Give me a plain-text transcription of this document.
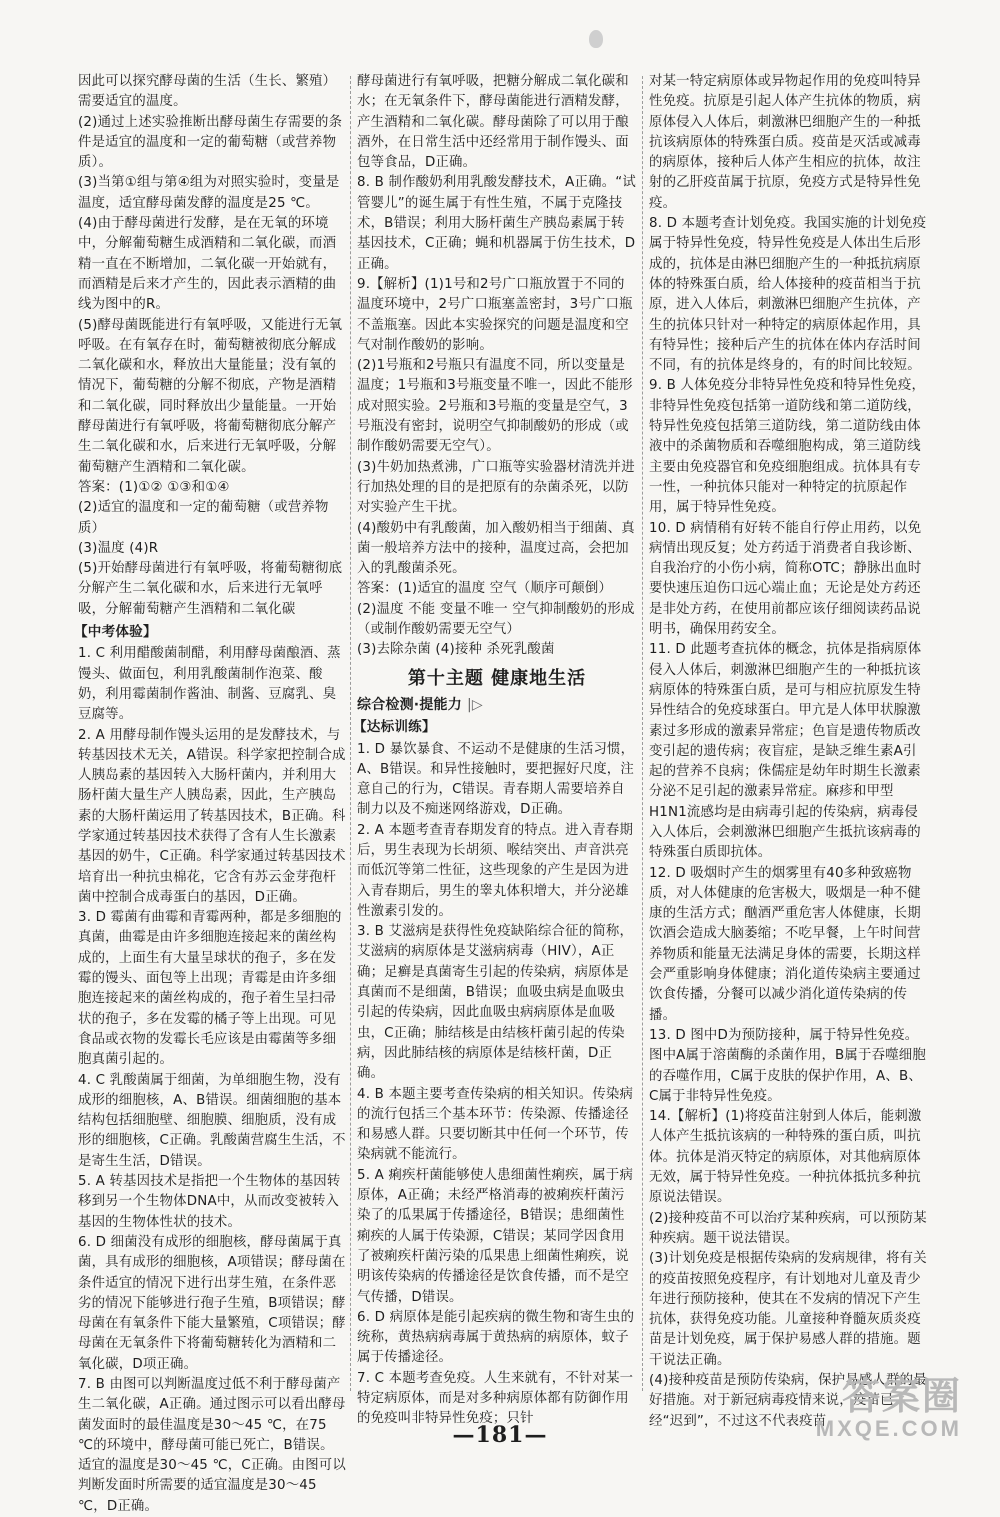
因此可以探究酵母菌的生活（生长、繁殖）需要适宜的温度。

(2)通过上述实验推断出酵母菌生存需要的条件是适宜的温度和一定的葡萄糖（或营养物质）。

(3)当第①组与第④组为对照实验时，变量是温度，适宜酵母菌发酵的温度是25 ℃。

(4)由于酵母菌进行发酵，是在无氧的环境中，分解葡萄糖生成酒精和二氧化碳，而酒精一直在不断增加，二氧化碳一开始就有，而酒精是后来才产生的，因此表示酒精的曲线为图中的R。

(5)酵母菌既能进行有氧呼吸，又能进行无氧呼吸。在有氧存在时，葡萄糖被彻底分解成二氧化碳和水，释放出大量能量；没有氧的情况下，葡萄糖的分解不彻底，产物是酒精和二氧化碳，同时释放出少量能量。一开始酵母菌进行有氧呼吸，将葡萄糖彻底分解产生二氧化碳和水，后来进行无氧呼吸，分解葡萄糖产生酒精和二氧化碳。

答案：(1)①② ①③和①④

(2)适宜的温度和一定的葡萄糖（或营养物质）

(3)温度 (4)R

(5)开始酵母菌进行有氧呼吸，将葡萄糖彻底分解产生二氧化碳和水，后来进行无氧呼吸，分解葡萄糖产生酒精和二氧化碳

【中考体验】

1. C 利用醋酸菌制醋，利用酵母菌酿酒、蒸馒头、做面包，利用乳酸菌制作泡菜、酸奶，利用霉菌制作酱油、制酱、豆腐乳、臭豆腐等。

2. A 用酵母制作馒头运用的是发酵技术，与转基因技术无关，A错误。科学家把控制合成人胰岛素的基因转入大肠杆菌内，并利用大肠杆菌大量生产人胰岛素，因此，生产胰岛素的大肠杆菌运用了转基因技术，B正确。科学家通过转基因技术获得了含有人生长激素基因的奶牛，C正确。科学家通过转基因技术培育出一种抗虫棉花，它含有苏云金芽孢杆菌中控制合成毒蛋白的基因，D正确。

3. D 霉菌有曲霉和青霉两种，都是多细胞的真菌，曲霉是由许多细胞连接起来的菌丝构成的，上面生有大量呈球状的孢子，多在发霉的馒头、面包等上出现；青霉是由许多细胞连接起来的菌丝构成的，孢子着生呈扫帚状的孢子，多在发霉的橘子等上出现。可见食品或衣物的发霉长毛应该是由霉菌等多细胞真菌引起的。

4. C 乳酸菌属于细菌，为单细胞生物，没有成形的细胞核，A、B错误。细菌细胞的基本结构包括细胞壁、细胞膜、细胞质，没有成形的细胞核，C正确。乳酸菌营腐生生活，不是寄生生活，D错误。

5. A 转基因技术是指把一个生物体的基因转移到另一个生物体DNA中，从而改变被转入基因的生物体性状的技术。

6. D 细菌没有成形的细胞核，酵母菌属于真菌，具有成形的细胞核，A项错误；酵母菌在条件适宜的情况下进行出芽生殖，在条件恶劣的情况下能够进行孢子生殖，B项错误；酵母菌在有氧条件下能大量繁殖，C项错误；酵母菌在无氧条件下将葡萄糖转化为酒精和二氧化碳，D项正确。

7. B 由图可以判断温度过低不利于酵母菌产生二氧化碳，A正确。通过图示可以看出酵母菌发面时的最佳温度是30～45 ℃，在75 ℃的环境中，酵母菌可能已死亡，B错误。适宜的温度是30～45 ℃，C正确。由图可以判断发面时所需要的适宜温度是30～45 ℃，D正确。

酵母菌进行有氧呼吸，把糖分解成二氧化碳和水；在无氧条件下，酵母菌能进行酒精发酵，产生酒精和二氧化碳。酵母菌除了可以用于酿酒外，在日常生活中还经常用于制作馒头、面包等食品，D正确。

8. B 制作酸奶利用乳酸发酵技术，A正确。“试管婴儿”的诞生属于有性生殖，不属于克隆技术，B错误；利用大肠杆菌生产胰岛素属于转基因技术，C正确；蝇和机器属于仿生技术，D正确。

9.【解析】(1)1号和2号广口瓶放置于不同的温度环境中，2号广口瓶塞盖密封，3号广口瓶不盖瓶塞。因此本实验探究的问题是温度和空气对制作酸奶的影响。

(2)1号瓶和2号瓶只有温度不同，所以变量是温度；1号瓶和3号瓶变量不唯一，因此不能形成对照实验。2号瓶和3号瓶的变量是空气，3号瓶没有密封，说明空气抑制酸奶的形成（或制作酸奶需要无空气）。

(3)牛奶加热煮沸，广口瓶等实验器材清洗并进行加热处理的目的是把原有的杂菌杀死，以防对实验产生干扰。

(4)酸奶中有乳酸菌，加入酸奶相当于细菌、真菌一般培养方法中的接种，温度过高，会把加入的乳酸菌杀死。

答案：(1)适宜的温度 空气（顺序可颠倒）

(2)温度 不能 变量不唯一 空气抑制酸奶的形成（或制作酸奶需要无空气）

(3)去除杂菌 (4)接种 杀死乳酸菌

第十主题 健康地生活

综合检测·提能力 |▷

【达标训练】

1. D 暴饮暴食、不运动不是健康的生活习惯，A、B错误。和异性接触时，要把握好尺度，注意自己的行为，C错误。青春期人需要培养自制力以及不痴迷网络游戏，D正确。

2. A 本题考查青春期发育的特点。进入青春期后，男生表现为长胡须、喉结突出、声音洪亮而低沉等第二性征，这些现象的产生是因为进入青春期后，男生的睾丸体积增大，并分泌雄性激素引发的。

3. B 艾滋病是获得性免疫缺陷综合征的简称，艾滋病的病原体是艾滋病病毒（HIV），A正确；足癣是真菌寄生引起的传染病，病原体是真菌而不是细菌，B错误；血吸虫病是血吸虫引起的传染病，因此血吸虫病病原体是血吸虫，C正确；肺结核是由结核杆菌引起的传染病，因此肺结核的病原体是结核杆菌，D正确。

4. B 本题主要考查传染病的相关知识。传染病的流行包括三个基本环节：传染源、传播途径和易感人群。只要切断其中任何一个环节，传染病就不能流行。

5. A 痢疾杆菌能够使人患细菌性痢疾，属于病原体，A正确；未经严格消毒的被痢疾杆菌污染了的瓜果属于传播途径，B错误；患细菌性痢疾的人属于传染源，C错误；某同学因食用了被痢疾杆菌污染的瓜果患上细菌性痢疾，说明该传染病的传播途径是饮食传播，而不是空气传播，D错误。

6. D 病原体是能引起疾病的微生物和寄生虫的统称，黄热病病毒属于黄热病的病原体，蚊子属于传播途径。

7. C 本题考查免疫。人生来就有，不针对某一特定病原体，而是对多种病原体都有防御作用的免疫叫非特异性免疫；只针

对某一特定病原体或异物起作用的免疫叫特异性免疫。抗原是引起人体产生抗体的物质，病原体侵入人体后，刺激淋巴细胞产生的一种抵抗该病原体的特殊蛋白质。疫苗是灭活或减毒的病原体，接种后人体产生相应的抗体，故注射的乙肝疫苗属于抗原，免疫方式是特异性免疫。

8. D 本题考查计划免疫。我国实施的计划免疫属于特异性免疫，特异性免疫是人体出生后形成的，抗体是由淋巴细胞产生的一种抵抗病原体的特殊蛋白质，给人体接种的疫苗相当于抗原，进入人体后，刺激淋巴细胞产生抗体，产生的抗体只针对一种特定的病原体起作用，具有特异性；接种后产生的抗体在体内存活时间不同，有的抗体是终身的，有的时间比较短。

9. B 人体免疫分非特异性免疫和特异性免疫，非特异性免疫包括第一道防线和第二道防线，特异性免疫包括第三道防线，第二道防线由体液中的杀菌物质和吞噬细胞构成，第三道防线主要由免疫器官和免疫细胞组成。抗体具有专一性，一种抗体只能对一种特定的抗原起作用，属于特异性免疫。

10. D 病情稍有好转不能自行停止用药，以免病情出现反复；处方药适于消费者自我诊断、自我治疗的小伤小病，简称OTC；静脉出血时要快速压迫伤口远心端止血；无论是处方药还是非处方药，在使用前都应该仔细阅读药品说明书，确保用药安全。

11. D 此题考查抗体的概念，抗体是指病原体侵入人体后，刺激淋巴细胞产生的一种抵抗该病原体的特殊蛋白质，是可与相应抗原发生特异性结合的免疫球蛋白。甲亢是人体甲状腺激素过多形成的激素异常症；色盲是遗传物质改变引起的遗传病；夜盲症，是缺乏维生素A引起的营养不良病；侏儒症是幼年时期生长激素分泌不足引起的激素异常症。麻疹和甲型H1N1流感均是由病毒引起的传染病，病毒侵入人体后，会刺激淋巴细胞产生抵抗该病毒的特殊蛋白质即抗体。

12. D 吸烟时产生的烟雾里有40多种致癌物质，对人体健康的危害极大，吸烟是一种不健康的生活方式；酗酒严重危害人体健康，长期饮酒会造成大脑萎缩；不吃早餐，上午时间营养物质和能量无法满足身体的需要，长期这样会严重影响身体健康；消化道传染病主要通过饮食传播，分餐可以减少消化道传染病的传播。

13. D 图中D为预防接种，属于特异性免疫。图中A属于溶菌酶的杀菌作用，B属于吞噬细胞的吞噬作用，C属于皮肤的保护作用，A、B、C属于非特异性免疫。

14.【解析】(1)将疫苗注射到人体后，能刺激人体产生抵抗该病的一种特殊的蛋白质，叫抗体。抗体是消灭特定的病原体，对其他病原体无效，属于特异性免疫。一种抗体抵抗多种抗原说法错误。

(2)接种疫苗不可以治疗某种疾病，可以预防某种疾病。题干说法错误。

(3)计划免疫是根据传染病的发病规律，将有关的疫苗按照免疫程序，有计划地对儿童及青少年进行预防接种，使其在不发病的情况下产生抗体，获得免疫功能。儿童接种脊髓灰质炎疫苗是计划免疫，属于保护易感人群的措施。题干说法正确。

(4)接种疫苗是预防传染病，保护易感人群的最好措施。对于新冠病毒疫情来说，疫苗已经“迟到”，不过这不代表疫苗

—181—
答案圈
MXQE.COM
